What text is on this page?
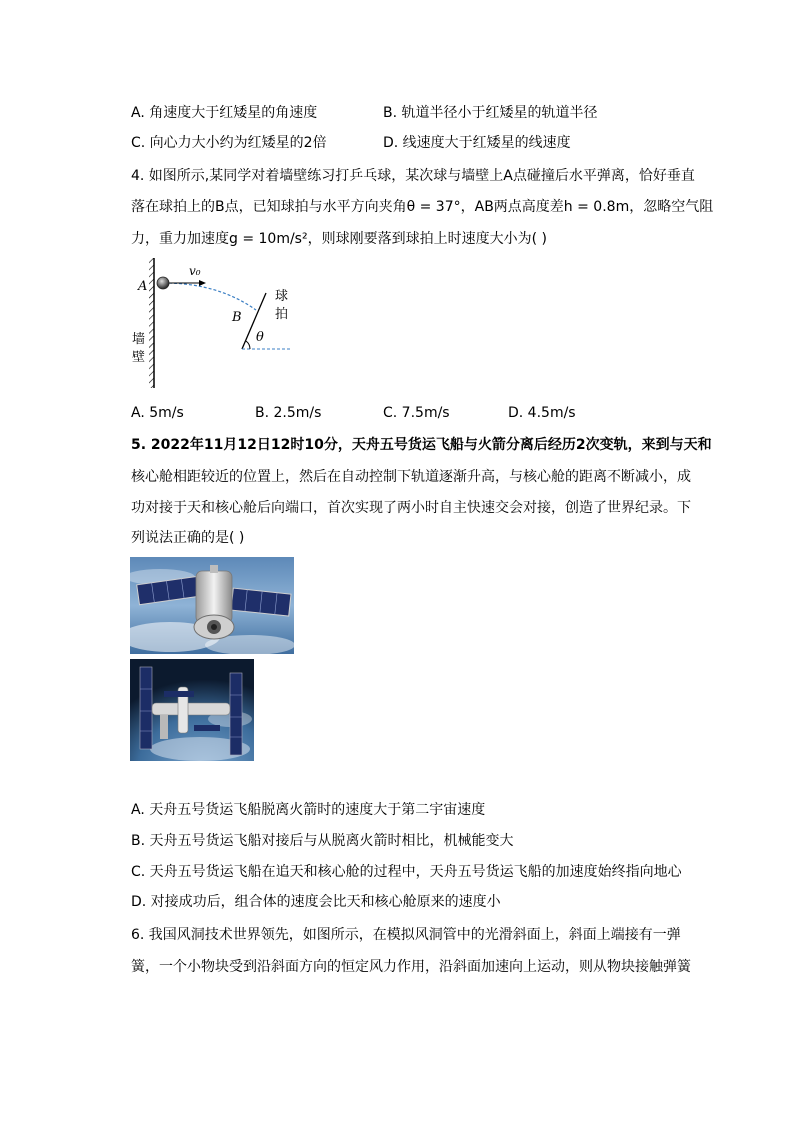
A. 角速度大于红矮星的角速度	B. 轨道半径小于红矮星的轨道半径
C. 向心力大小约为红矮星的2倍	D. 线速度大于红矮星的线速度
4. 如图所示,某同学对着墙壁练习打乒乓球，某次球与墙壁上A点碰撞后水平弹离，恰好垂直
落在球拍上的B点，已知球拍与水平方向夹角θ = 37°，AB两点高度差h = 0.8m，忽略空气阻
力，重力加速度g = 10m/s²，则球刚要落到球拍上时速度大小为( )
v₀
A
B
θ
球
拍
墙
壁
A. 5m/s	B. 2.5m/s	C. 7.5m/s	D. 4.5m/s
5. 2022年11月12日12时10分，天舟五号货运飞船与火箭分离后经历2次变轨，来到与天和
核心舱相距较近的位置上，然后在自动控制下轨道逐渐升高，与核心舱的距离不断减小，成
功对接于天和核心舱后向端口，首次实现了两小时自主快速交会对接，创造了世界纪录。下
列说法正确的是( )
A. 天舟五号货运飞船脱离火箭时的速度大于第二宇宙速度
B. 天舟五号货运飞船对接后与从脱离火箭时相比，机械能变大
C. 天舟五号货运飞船在追天和核心舱的过程中，天舟五号货运飞船的加速度始终指向地心
D. 对接成功后，组合体的速度会比天和核心舱原来的速度小
6. 我国风洞技术世界领先，如图所示，在模拟风洞管中的光滑斜面上，斜面上端接有一弹
簧，一个小物块受到沿斜面方向的恒定风力作用，沿斜面加速向上运动，则从物块接触弹簧
